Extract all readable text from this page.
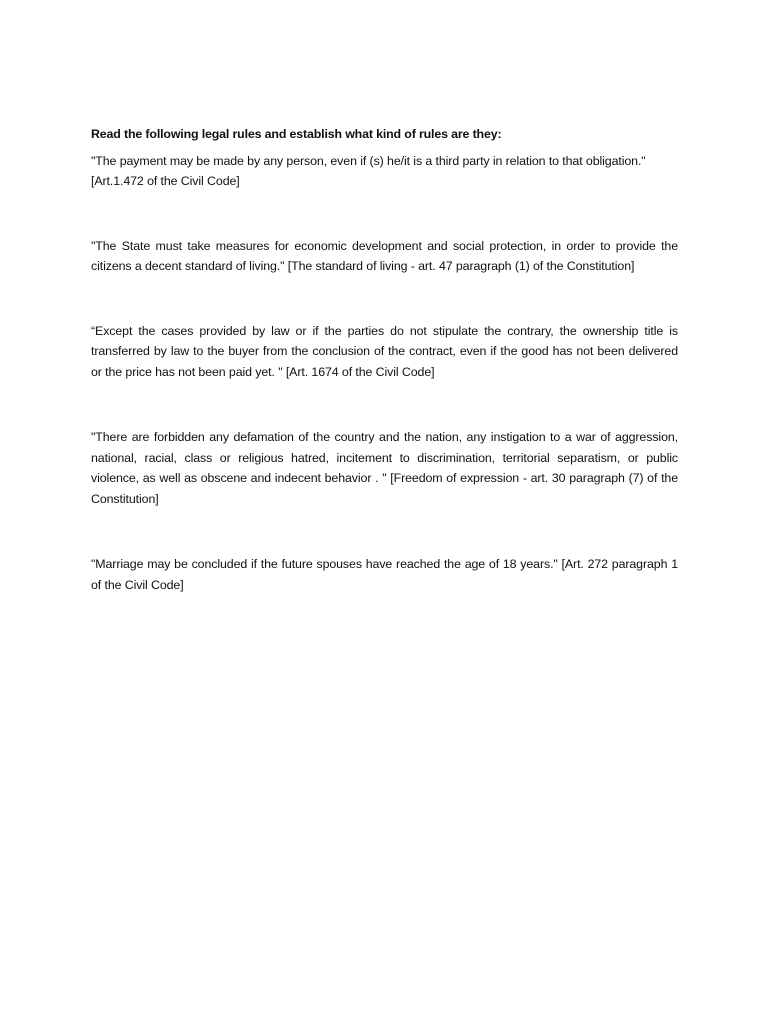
Read the following legal rules and establish what kind of rules are they:

"The payment may be made by any person, even if (s) he/it is a third party in relation to that obligation."
[Art.1.472 of the Civil Code]

"The State must take measures for economic development and social protection, in order to provide the citizens a decent standard of living." [The standard of living - art. 47 paragraph (1) of the Constitution]

“Except the cases provided by law or if the parties do not stipulate the contrary, the ownership title is transferred by law to the buyer from the conclusion of the contract, even if the good has not been delivered or the price has not been paid yet. " [Art. 1674 of the Civil Code]

"There are forbidden any defamation of the country and the nation, any instigation to a war of aggression, national, racial, class or religious hatred, incitement to discrimination, territorial separatism, or public violence, as well as obscene and indecent behavior . " [Freedom of expression - art. 30 paragraph (7) of the Constitution]

"Marriage may be concluded if the future spouses have reached the age of 18 years." [Art. 272 paragraph 1 of the Civil Code]
